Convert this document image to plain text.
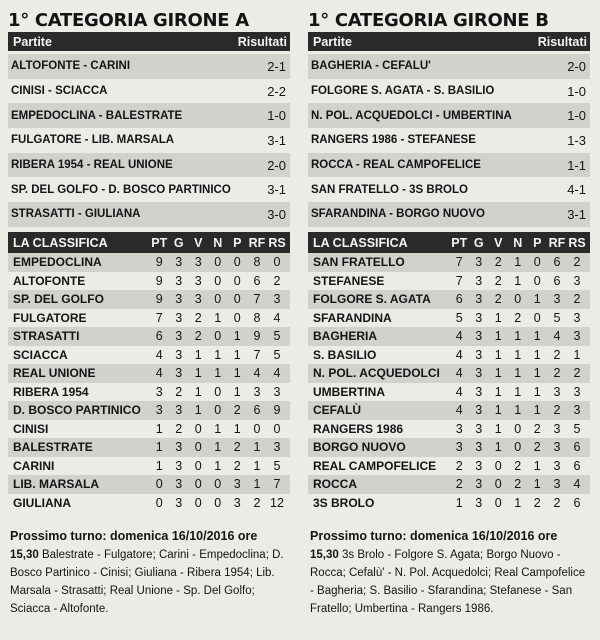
1° CATEGORIA GIRONE A
Partite	Risultati
ALTOFONTE - CARINI	2-1
CINISI - SCIACCA	2-2
EMPEDOCLINA - BALESTRATE	1-0
FULGATORE - LIB. MARSALA	3-1
RIBERA 1954 - REAL UNIONE	2-0
SP. DEL GOLFO - D. BOSCO PARTINICO	3-1
STRASATTI - GIULIANA	3-0
LA CLASSIFICA	PT G V N P RF RS
EMPEDOCLINA	9	3	3	0	0	8	0
ALTOFONTE	9	3	3	0	0	6	2
SP. DEL GOLFO	9	3	3	0	0	7	3
FULGATORE	7	3	2	1	0	8	4
STRASATTI	6	3	2	0	1	9	5
SCIACCA	4	3	1	1	1	7	5
REAL UNIONE	4	3	1	1	1	4	4
RIBERA 1954	3	2	1	0	1	3	3
D. BOSCO PARTINICO	3	3	1	0	2	6	9
CINISI	1	2	0	1	1	0	0
BALESTRATE	1	3	0	1	2	1	3
CARINI	1	3	0	1	2	1	5
LIB. MARSALA	0	3	0	0	3	1	7
GIULIANA	0	3	0	0	3	2 12
Prossimo turno: domenica 16/10/2016 ore
15,30 Balestrate - Fulgatore; Carini - Empedoclina; D. Bosco Partinico - Cinisi; Giuliana - Ribera 1954; Lib. Marsala - Strasatti; Real Unione - Sp. Del Golfo; Sciacca - Altofonte.
1° CATEGORIA GIRONE B
Partite	Risultati
BAGHERIA - CEFALÙ'	2-0
FOLGORE S. AGATA - S. BASILIO	1-0
N. POL. ACQUEDOLCI - UMBERTINA	1-0
RANGERS 1986 - STEFANESE	1-3
ROCCA - REAL CAMPOFELICE	1-1
SAN FRATELLO - 3S BROLO	4-1
SFARANDINA - BORGO NUOVO	3-1
LA CLASSIFICA	PT G V N P RF RS
SAN FRATELLO	7	3	2	1	0	6	2
STEFANESE	7	3	2	1	0	6	3
FOLGORE S. AGATA	6	3	2	0	1	3	2
SFARANDINA	5	3	1	2	0	5	3
BAGHERIA	4	3	1	1	1	4	3
S. BASILIO	4	3	1	1	1	2	1
N. POL. ACQUEDOLCI	4	3	1	1	1	2	2
UMBERTINA	4	3	1	1	1	3	3
CEFALÙ	4	3	1	1	1	2	3
RANGERS 1986	3	3	1	0	2	3	5
BORGO NUOVO	3	3	1	0	2	3	6
REAL CAMPOFELICE	2	3	0	2	1	3	6
ROCCA	2	3	0	2	1	3	4
3S BROLO	1	3	0	1	2	2	6
Prossimo turno: domenica 16/10/2016 ore
15,30 3s Brolo - Folgore S. Agata; Borgo Nuovo - Rocca; Cefalù' - N. Pol. Acquedolci; Real Campofelice - Bagheria; S. Basilio - Sfarandina; Stefanese - San Fratello; Umbertina - Rangers 1986.
